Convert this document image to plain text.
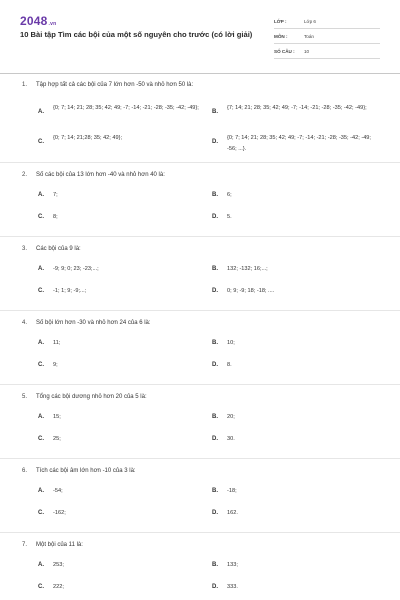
2048.vn
10 Bài tập Tìm các bội của một số nguyên cho trước (có lời giải)
LỚP :	Lớp 6
MÔN :	Toán
SỐ CÂU : 10
1. Tập hợp tất cả các bội của 7 lớn hơn -50 và nhỏ hơn 50 là:
A.
{0; 7; 14; 21; 28; 35; 42; 49; -7; -14; -21; -28; -35; -42; -49};
B.
{7; 14; 21; 28; 35; 42; 49; -7; -14; -21; -28; -35; -42; -49};
C.
{0; 7; 14; 21;28; 35; 42; 49};
D.
{0; 7; 14; 21; 28; 35; 42; 49; -7; -14; -21; -28; -35; -42; -49; -56; ...}.
2. Số các bội của 13 lớn hơn -40 và nhỏ hơn 40 là:
A. 7;	B. 6;
C. 8;	D. 5.
3. Các bội của 9 là:
A. -9; 9; 0; 23; -23;...;	B. 132; -132; 16;...;
C. -1; 1; 9; -9;...;	D. 0; 9; -9; 18; -18; ....
4. Số bội lớn hơn -30 và nhỏ hơn 24 của 6 là:
A. 11;	B. 10;
C. 9;	D. 8.
5. Tổng các bội dương nhỏ hơn 20 của 5 là:
A. 15;	B. 20;
C. 25;	D. 30.
6. Tích các bội âm lớn hơn -10 của 3 là:
A. -54;	B. -18;
C. -162;	D. 162.
7. Một bội của 11 là:
A. 253;	B. 133;
C. 222;	D. 333.
